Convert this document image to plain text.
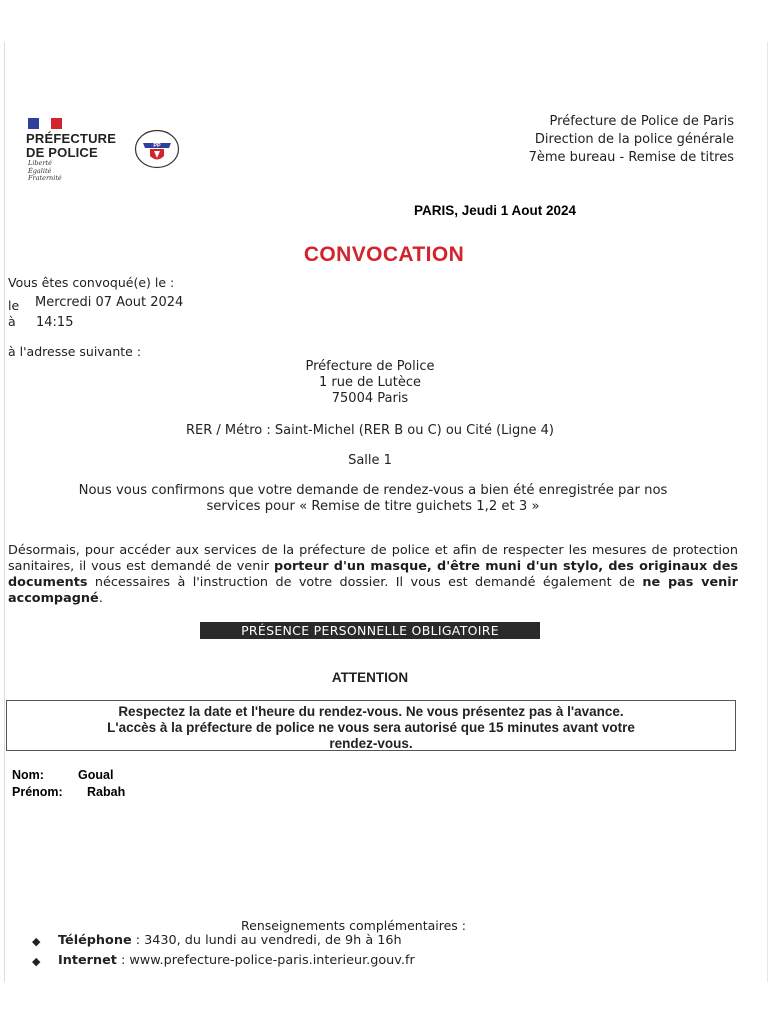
PRÉFECTURE
DE POLICE
Liberté
Égalité
Fraternité
PP
Préfecture de Police de Paris
Direction de la police générale
7ème bureau - Remise de titres
PARIS, Jeudi 1 Aout 2024
CONVOCATION
Vous êtes convoqué(e) le :
le Mercredi 07 Aout 2024
à 14:15
à l'adresse suivante :
Préfecture de Police
1 rue de Lutèce
75004 Paris
RER / Métro : Saint-Michel (RER B ou C) ou Cité (Ligne 4)
Salle 1
Nous vous confirmons que votre demande de rendez-vous a bien été enregistrée par nos
services pour « Remise de titre guichets 1,2 et 3 »
Désormais, pour accéder aux services de la préfecture de police et afin de respecter les mesures de protection sanitaires, il vous est demandé de venir porteur d'un masque, d'être muni d'un stylo, des originaux des documents nécessaires à l'instruction de votre dossier. Il vous est demandé également de ne pas venir accompagné.
PRÉSENCE PERSONNELLE OBLIGATOIRE
ATTENTION
Respectez la date et l'heure du rendez-vous. Ne vous présentez pas à l'avance.
L'accès à la préfecture de police ne vous sera autorisé que 15 minutes avant votre
rendez-vous.
Nom:	Goual
Prénom: Rabah
Renseignements complémentaires :
◆ Téléphone : 3430, du lundi au vendredi, de 9h à 16h
◆ Internet : www.prefecture-police-paris.interieur.gouv.fr
